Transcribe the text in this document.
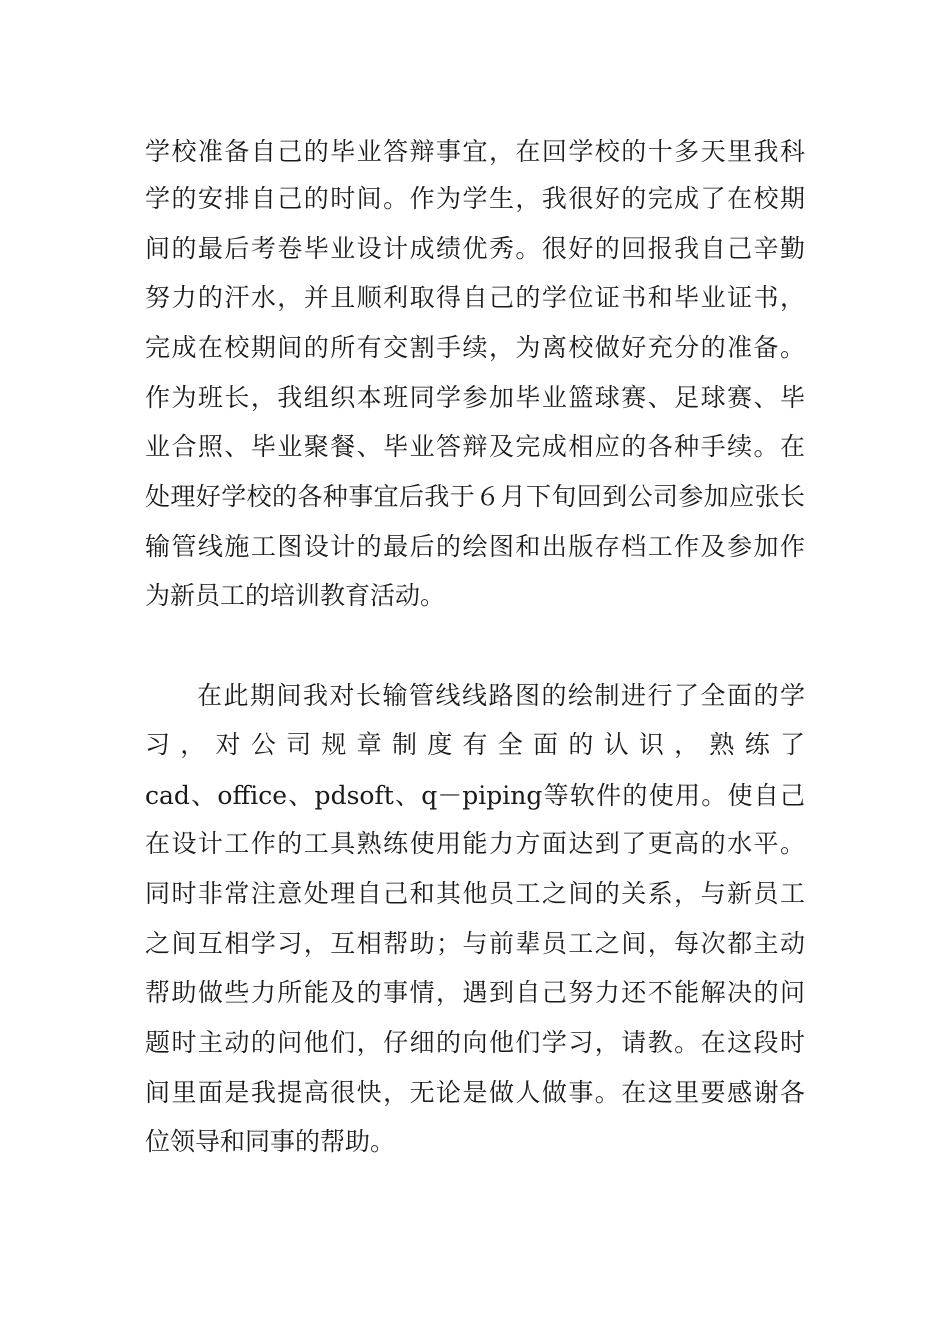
学校准备自己的毕业答辩事宜，在回学校的十多天里我科
学的安排自己的时间。作为学生，我很好的完成了在校期
间的最后考卷毕业设计成绩优秀。很好的回报我自己辛勤
努力的汗水，并且顺利取得自己的学位证书和毕业证书，
完成在校期间的所有交割手续，为离校做好充分的准备。
作为班长，我组织本班同学参加毕业篮球赛、足球赛、毕
业合照、毕业聚餐、毕业答辩及完成相应的各种手续。在
处理好学校的各种事宜后我于６月下旬回到公司参加应张长
输管线施工图设计的最后的绘图和出版存档工作及参加作
为新员工的培训教育活动。
在此期间我对长输管线线路图的绘制进行了全面的学
习，对公司规章制度有全面的认识，熟练了
cad、office、pdsoft、q－piping等软件的使用。使自己
在设计工作的工具熟练使用能力方面达到了更高的水平。
同时非常注意处理自己和其他员工之间的关系，与新员工
之间互相学习，互相帮助；与前辈员工之间，每次都主动
帮助做些力所能及的事情，遇到自己努力还不能解决的问
题时主动的问他们，仔细的向他们学习，请教。在这段时
间里面是我提高很快，无论是做人做事。在这里要感谢各
位领导和同事的帮助。
